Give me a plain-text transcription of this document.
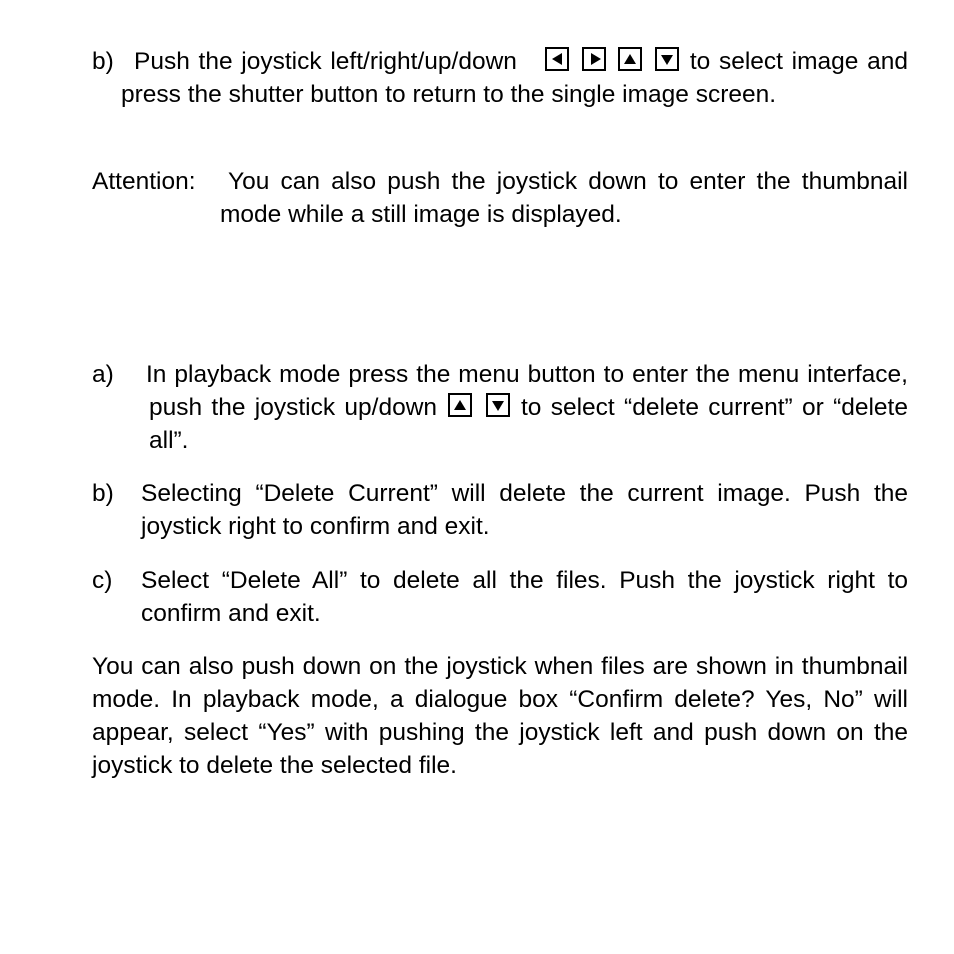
b) Push the joystick left/right/up/down	to select image and press the shutter button to return to the single image screen.
Attention:	You can also push the joystick down to enter the thumbnail mode while a still image is displayed.
a) In playback mode press the menu button to enter the menu interface, push the joystick up/down	to select “delete current” or “delete all”.
b) Selecting “Delete Current” will delete the current image. Push the joystick right to confirm and exit.
c) Select “Delete All” to delete all the files. Push the joystick right to confirm and exit.
You can also push down on the joystick when files are shown in thumbnail mode. In playback mode, a dialogue box “Confirm delete? Yes, No” will appear, select “Yes” with pushing the joystick left and push down on the joystick to delete the selected file.
